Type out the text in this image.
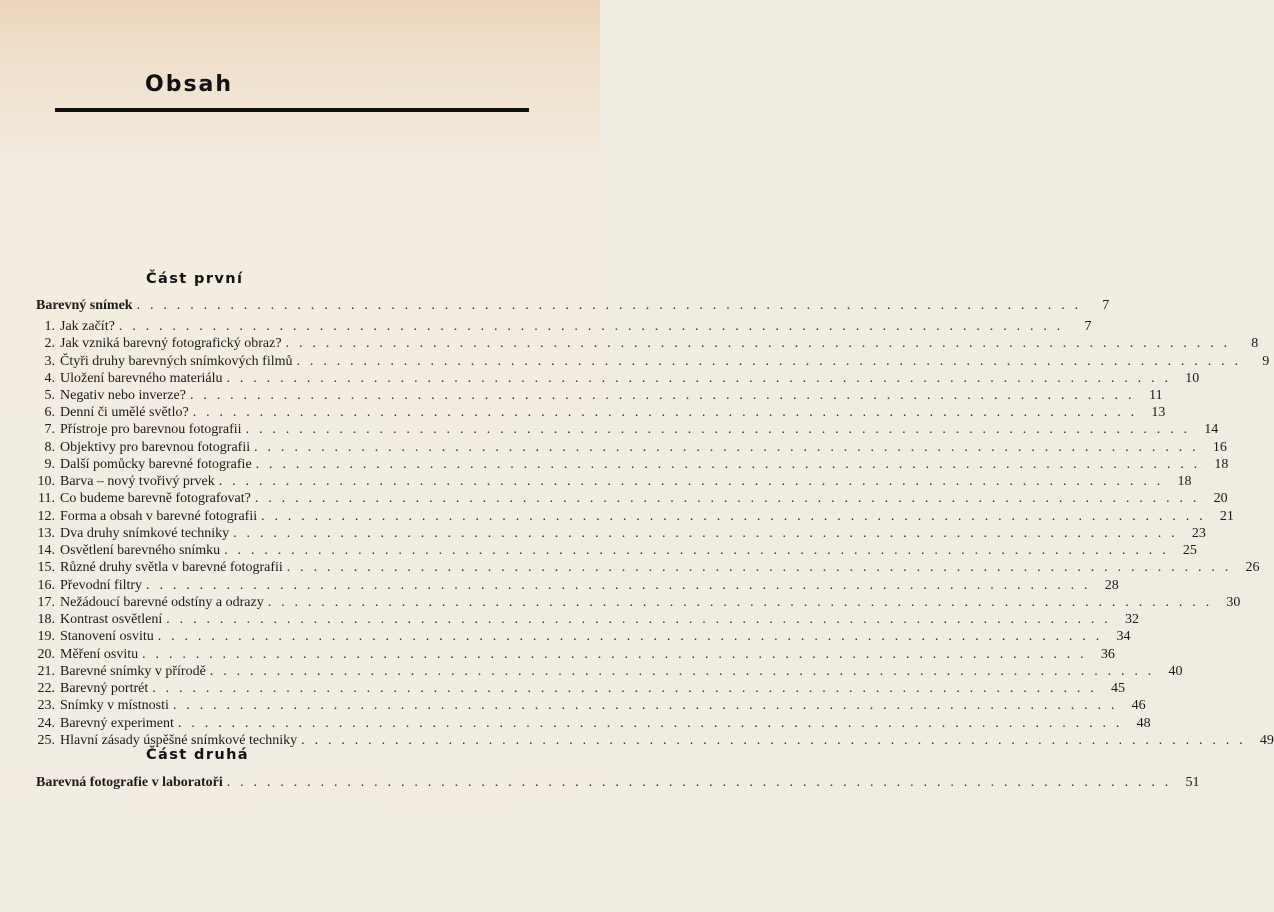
Obsah
Část první
Barevný snímek . . . . . . . . . . . . . . . . . . . . . . . . . . . . . . . . . . . . . . . . . . . . . . . . . . . . . . . . . . . . . . . . . . . . . . .	7
1. Jak začít? . . . . . . . . . . . . . . . . . . . . . . . . . . . . . . . . . . . . . . . . . . . . . . . . . . . . . . . . . . . . . . . . . . . . . . .	7
2. Jak vzniká barevný fotografický obraz? . . . . . . . . . . . . . . . . . . . . . . . . . . . . . . . . . . . . . . . . . . . . . . . . . . . . . . . . . . . . . . . . . . . . . . .	8
3. Čtyři druhy barevných snímkových filmů . . . . . . . . . . . . . . . . . . . . . . . . . . . . . . . . . . . . . . . . . . . . . . . . . . . . . . . . . . . . . . . . . . . . . . .	9
4. Uložení barevného materiálu . . . . . . . . . . . . . . . . . . . . . . . . . . . . . . . . . . . . . . . . . . . . . . . . . . . . . . . . . . . . . . . . . . . . . . .	10
5. Negativ nebo inverze? . . . . . . . . . . . . . . . . . . . . . . . . . . . . . . . . . . . . . . . . . . . . . . . . . . . . . . . . . . . . . . . . . . . . . . .	11
6. Denní či umělé světlo? . . . . . . . . . . . . . . . . . . . . . . . . . . . . . . . . . . . . . . . . . . . . . . . . . . . . . . . . . . . . . . . . . . . . . . .	13
7. Přístroje pro barevnou fotografii . . . . . . . . . . . . . . . . . . . . . . . . . . . . . . . . . . . . . . . . . . . . . . . . . . . . . . . . . . . . . . . . . . . . . . .	14
8. Objektivy pro barevnou fotografii . . . . . . . . . . . . . . . . . . . . . . . . . . . . . . . . . . . . . . . . . . . . . . . . . . . . . . . . . . . . . . . . . . . . . . .	16
9. Další pomůcky barevné fotografie . . . . . . . . . . . . . . . . . . . . . . . . . . . . . . . . . . . . . . . . . . . . . . . . . . . . . . . . . . . . . . . . . . . . . . .	18
10. Barva – nový tvořivý prvek . . . . . . . . . . . . . . . . . . . . . . . . . . . . . . . . . . . . . . . . . . . . . . . . . . . . . . . . . . . . . . . . . . . . . . .	18
11. Co budeme barevně fotografovat? . . . . . . . . . . . . . . . . . . . . . . . . . . . . . . . . . . . . . . . . . . . . . . . . . . . . . . . . . . . . . . . . . . . . . . .	20
12. Forma a obsah v barevné fotografii . . . . . . . . . . . . . . . . . . . . . . . . . . . . . . . . . . . . . . . . . . . . . . . . . . . . . . . . . . . . . . . . . . . . . . .	21
13. Dva druhy snímkové techniky . . . . . . . . . . . . . . . . . . . . . . . . . . . . . . . . . . . . . . . . . . . . . . . . . . . . . . . . . . . . . . . . . . . . . . .	23
14. Osvětlení barevného snímku . . . . . . . . . . . . . . . . . . . . . . . . . . . . . . . . . . . . . . . . . . . . . . . . . . . . . . . . . . . . . . . . . . . . . . .	25
15. Různé druhy světla v barevné fotografii . . . . . . . . . . . . . . . . . . . . . . . . . . . . . . . . . . . . . . . . . . . . . . . . . . . . . . . . . . . . . . . . . . . . . . .	26
16. Převodní filtry . . . . . . . . . . . . . . . . . . . . . . . . . . . . . . . . . . . . . . . . . . . . . . . . . . . . . . . . . . . . . . . . . . . . . . .	28
17. Nežádoucí barevné odstíny a odrazy . . . . . . . . . . . . . . . . . . . . . . . . . . . . . . . . . . . . . . . . . . . . . . . . . . . . . . . . . . . . . . . . . . . . . . .	30
18. Kontrast osvětlení . . . . . . . . . . . . . . . . . . . . . . . . . . . . . . . . . . . . . . . . . . . . . . . . . . . . . . . . . . . . . . . . . . . . . . .	32
19. Stanovení osvitu . . . . . . . . . . . . . . . . . . . . . . . . . . . . . . . . . . . . . . . . . . . . . . . . . . . . . . . . . . . . . . . . . . . . . . .	34
20. Měření osvitu . . . . . . . . . . . . . . . . . . . . . . . . . . . . . . . . . . . . . . . . . . . . . . . . . . . . . . . . . . . . . . . . . . . . . . .	36
21. Barevné snímky v přírodě . . . . . . . . . . . . . . . . . . . . . . . . . . . . . . . . . . . . . . . . . . . . . . . . . . . . . . . . . . . . . . . . . . . . . . .	40
22. Barevný portrét . . . . . . . . . . . . . . . . . . . . . . . . . . . . . . . . . . . . . . . . . . . . . . . . . . . . . . . . . . . . . . . . . . . . . . .	45
23. Snímky v místnosti . . . . . . . . . . . . . . . . . . . . . . . . . . . . . . . . . . . . . . . . . . . . . . . . . . . . . . . . . . . . . . . . . . . . . . .	46
24. Barevný experiment . . . . . . . . . . . . . . . . . . . . . . . . . . . . . . . . . . . . . . . . . . . . . . . . . . . . . . . . . . . . . . . . . . . . . . .	48
25. Hlavní zásady úspěšné snímkové techniky . . . . . . . . . . . . . . . . . . . . . . . . . . . . . . . . . . . . . . . . . . . . . . . . . . . . . . . . . . . . . . . . . . . . . . .	49
Část druhá
Barevná fotografie v laboratoři . . . . . . . . . . . . . . . . . . . . . . . . . . . . . . . . . . . . . . . . . . . . . . . . . . . . . . . . . . . . . . . . . . . . . . .	51
